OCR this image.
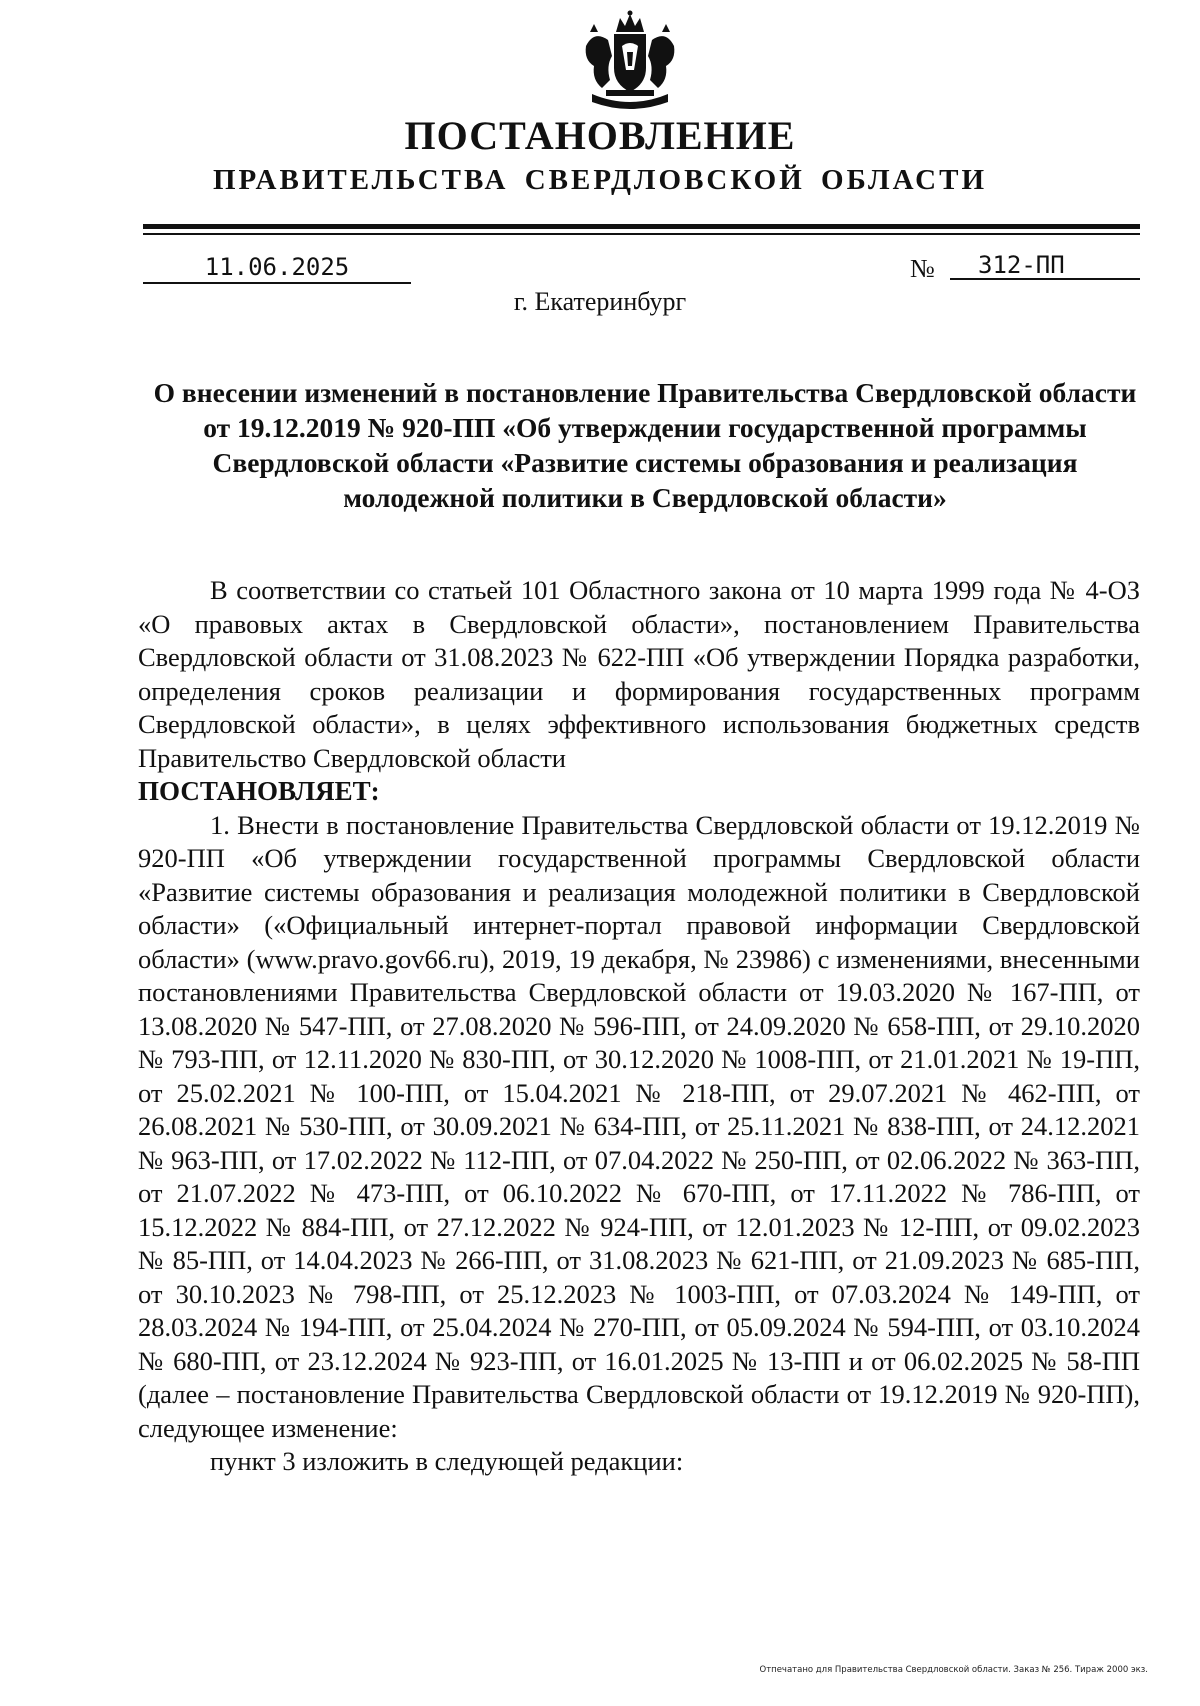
ПОСТАНОВЛЕНИЕ
ПРАВИТЕЛЬСТВА СВЕРДЛОВСКОЙ ОБЛАСТИ
11.06.2025	№	312-ПП
г. Екатеринбург
О внесении изменений в постановление Правительства Свердловской области от 19.12.2019 № 920-ПП «Об утверждении государственной программы Свердловской области «Развитие системы образования и реализация молодежной политики в Свердловской области»

В соответствии со статьей 101 Областного закона от 10 марта 1999 года № 4-ОЗ «О правовых актах в Свердловской области», постановлением Правительства Свердловской области от 31.08.2023 № 622-ПП «Об утверждении Порядка разработки, определения сроков реализации и формирования государственных программ Свердловской области», в целях эффективного использования бюджетных средств Правительство Свердловской области

ПОСТАНОВЛЯЕТ:

1. Внести в постановление Правительства Свердловской области от 19.12.2019 № 920-ПП «Об утверждении государственной программы Свердловской области «Развитие системы образования и реализация молодежной политики в Свердловской области» («Официальный интернет-портал правовой информации Свердловской области» (www.pravo.gov66.ru), 2019, 19 декабря, № 23986) с изменениями, внесенными постановлениями Правительства Свердловской области от 19.03.2020 № 167-ПП, от 13.08.2020 № 547-ПП, от 27.08.2020 № 596-ПП, от 24.09.2020 № 658-ПП, от 29.10.2020 № 793-ПП, от 12.11.2020 № 830-ПП, от 30.12.2020 № 1008-ПП, от 21.01.2021 № 19-ПП, от 25.02.2021 № 100-ПП, от 15.04.2021 № 218-ПП, от 29.07.2021 № 462-ПП, от 26.08.2021 № 530-ПП, от 30.09.2021 № 634-ПП, от 25.11.2021 № 838-ПП, от 24.12.2021 № 963-ПП, от 17.02.2022 № 112-ПП, от 07.04.2022 № 250-ПП, от 02.06.2022 № 363-ПП, от 21.07.2022 № 473-ПП, от 06.10.2022 № 670-ПП, от 17.11.2022 № 786-ПП, от 15.12.2022 № 884-ПП, от 27.12.2022 № 924-ПП, от 12.01.2023 № 12-ПП, от 09.02.2023 № 85-ПП, от 14.04.2023 № 266-ПП, от 31.08.2023 № 621-ПП, от 21.09.2023 № 685-ПП, от 30.10.2023 № 798-ПП, от 25.12.2023 № 1003-ПП, от 07.03.2024 № 149-ПП, от 28.03.2024 № 194-ПП, от 25.04.2024 № 270-ПП, от 05.09.2024 № 594-ПП, от 03.10.2024 № 680-ПП, от 23.12.2024 № 923-ПП, от 16.01.2025 № 13-ПП и от 06.02.2025 № 58-ПП (далее – постановление Правительства Свердловской области от 19.12.2019 № 920-ПП), следующее изменение:

пункт 3 изложить в следующей редакции:

Отпечатано для Правительства Свердловской области. Заказ № 256. Тираж 2000 экз.
